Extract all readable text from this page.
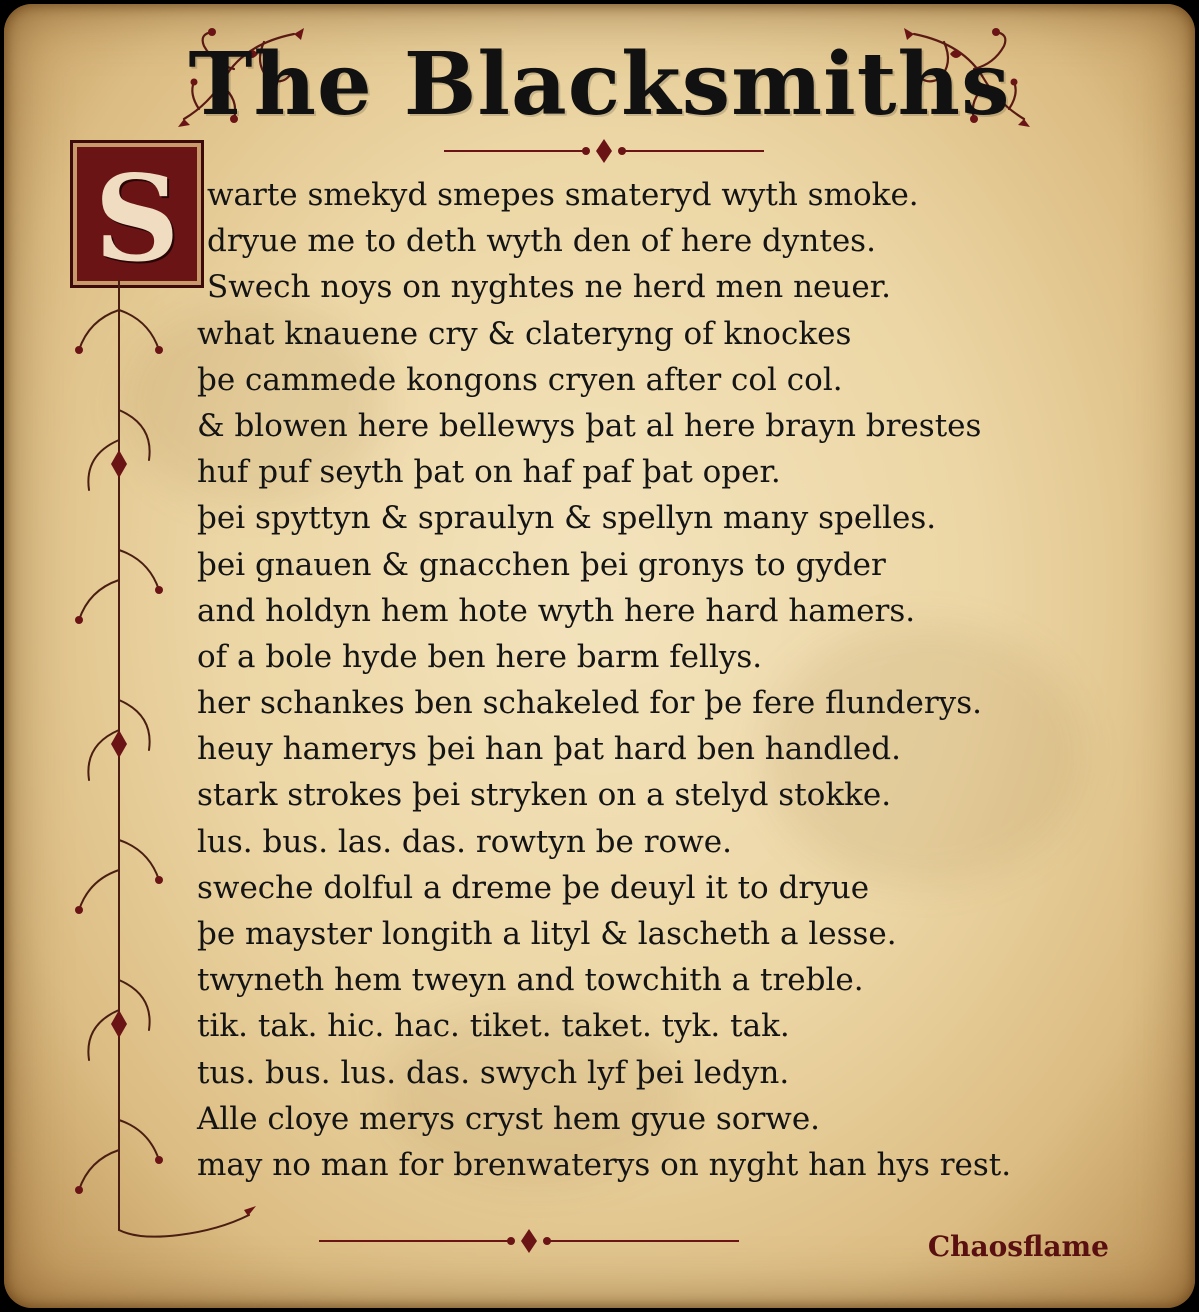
The Blacksmiths
S warte smekyd smepes smateryd wyth smoke.
dryue me to deth wyth den of here dyntes.
Swech noys on nyghtes ne herd men neuer.
what knauene cry & clateryng of knockes
þe cammede kongons cryen after col col.
& blowen here bellewys þat al here brayn brestes
huf puf seyth þat on haf paf þat oper.
þei spyttyn & spraulyn & spellyn many spelles.
þei gnauen & gnacchen þei gronys to gyder
and holdyn hem hote wyth here hard hamers.
of a bole hyde ben here barm fellys.
her schankes ben schakeled for þe fere flunderys.
heuy hamerys þei han þat hard ben handled.
stark strokes þei stryken on a stelyd stokke.
lus. bus. las. das. rowtyn be rowe.
sweche dolful a dreme þe deuyl it to dryue
þe mayster longith a lityl & lascheth a lesse.
twyneth hem tweyn and towchith a treble.
tik. tak. hic. hac. tiket. taket. tyk. tak.
tus. bus. lus. das. swych lyf þei ledyn.
Alle cloye merys cryst hem gyue sorwe.
may no man for brenwaterys on nyght han hys rest.
Chaosflame
